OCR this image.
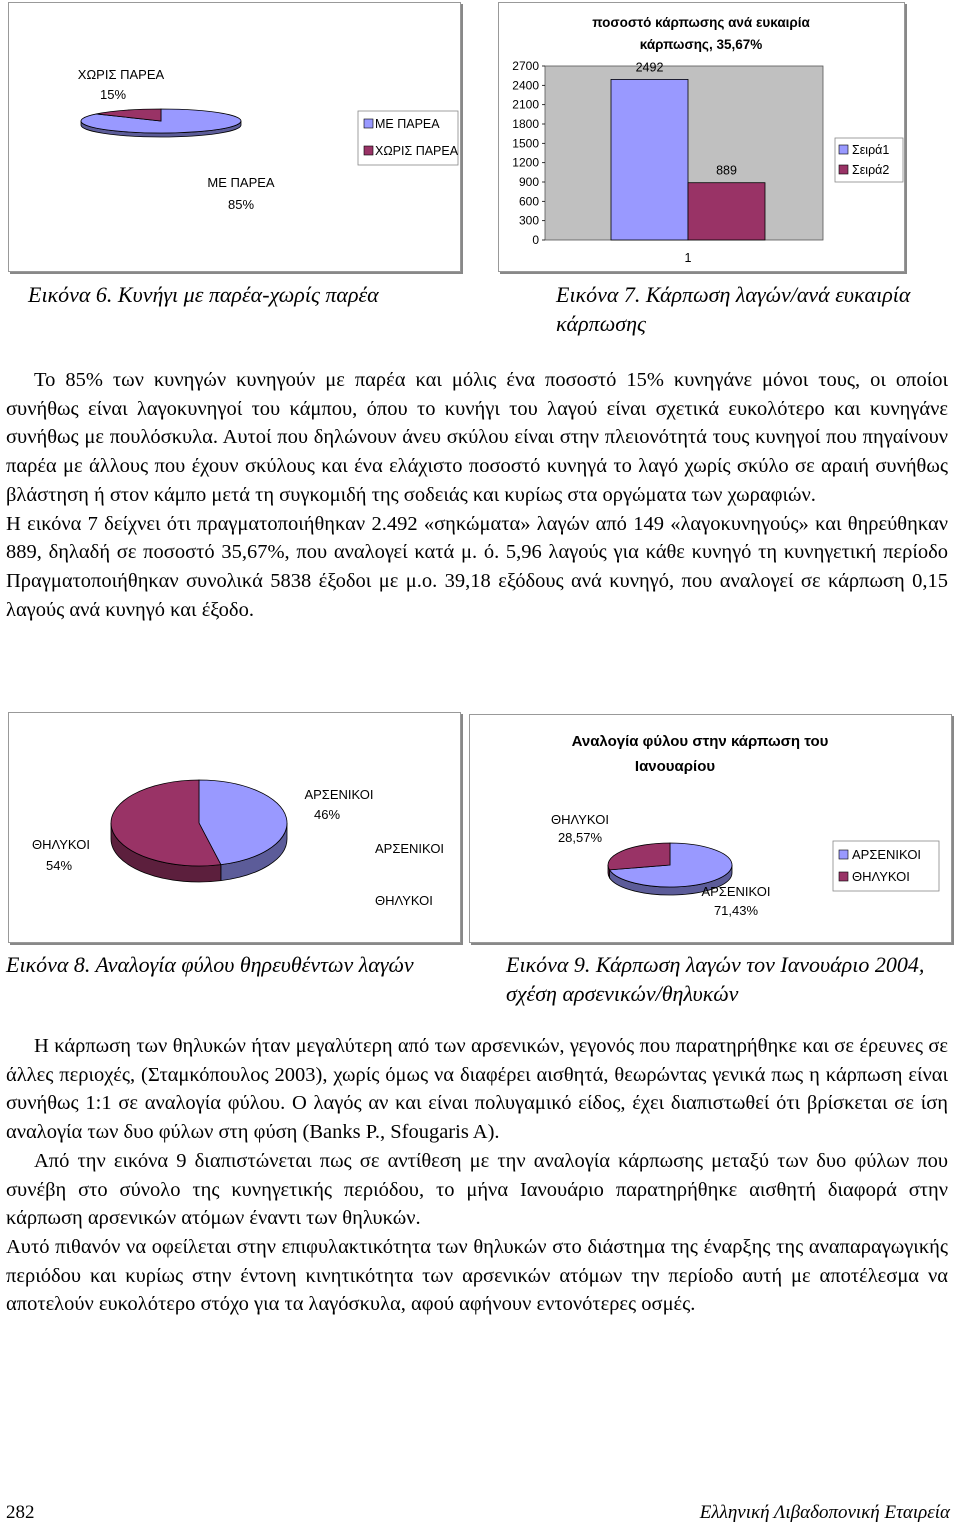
ΧΩΡΙΣ ΠΑΡΕΑ
15%
ΜΕ ΠΑΡΕΑ
85%
ΜΕ ΠΑΡΕΑ
ΧΩΡΙΣ ΠΑΡΕΑ
ποσοστό κάρπωσης ανά ευκαιρία
κάρπωσης, 35,67%
0
300
600
900
1200
1500
1800
2100
2400
2700	2492
889
1
Σειρά1
Σειρά2
Εικόνα 6. Κυνήγι με παρέα-χωρίς παρέα	Εικόνα 7. Κάρπωση λαγών/ανά ευκαιρία κάρπωσης

Το 85% των κυνηγών κυνηγούν με παρέα και μόλις ένα ποσοστό 15% κυνηγάνε μόνοι τους, οι οποίοι συνήθως είναι λαγοκυνηγοί του κάμπου, όπου το κυνήγι του λαγού είναι σχετικά ευκολότερο και κυνηγάνε συνήθως με πουλόσκυλα. Αυτοί που δηλώνουν άνευ σκύλου είναι στην πλειονότητά τους κυνηγοί που πηγαίνουν παρέα με άλλους που έχουν σκύλους και ένα ελάχιστο ποσοστό κυνηγά το λαγό χωρίς σκύλο σε αραιή συνήθως βλάστηση ή στον κάμπο μετά τη συγκομιδή της σοδειάς και κυρίως στα οργώματα των χωραφιών.

Η εικόνα 7 δείχνει ότι πραγματοποιήθηκαν 2.492 «σηκώματα» λαγών από 149 «λαγοκυνηγούς» και θηρεύθηκαν 889, δηλαδή σε ποσοστό 35,67%, που αναλογεί κατά μ. ό. 5,96 λαγούς για κάθε κυνηγό τη κυνηγετική περίοδο Πραγματοποιήθηκαν συνολικά 5838 έξοδοι με μ.ο. 39,18 εξόδους ανά κυνηγό, που αναλογεί σε κάρπωση 0,15 λαγούς ανά κυνηγό και έξοδο.

ΑΡΣΕΝΙΚΟΙ
46%
ΘΗΛΥΚΟΙ
54%
ΑΡΣΕΝΙΚΟΙ
ΘΗΛΥΚΟΙ
Αναλογία φύλου στην κάρπωση του
Ιανουαρίου
ΘΗΛΥΚΟΙ
28,57%
ΑΡΣΕΝΙΚΟΙ
71,43%
ΑΡΣΕΝΙΚΟΙ
ΘΗΛΥΚΟΙ
Εικόνα 8. Αναλογία φύλου θηρευθέντων λαγών	Εικόνα 9. Κάρπωση λαγών τον Ιανουάριο 2004, σχέση αρσενικών/θηλυκών

Η κάρπωση των θηλυκών ήταν μεγαλύτερη από των αρσενικών, γεγονός που παρατηρήθηκε και σε έρευνες σε άλλες περιοχές, (Σταμκόπουλος 2003), χωρίς όμως να διαφέρει αισθητά, θεωρώντας γενικά πως η κάρπωση είναι συνήθως 1:1 σε αναλογία φύλου. Ο λαγός αν και είναι πολυγαμικό είδος, έχει διαπιστωθεί ότι βρίσκεται σε ίση αναλογία των δυο φύλων στη φύση (Banks P., Sfougaris A).

Από την εικόνα 9 διαπιστώνεται πως σε αντίθεση με την αναλογία κάρπωσης μεταξύ των δυο φύλων που συνέβη στο σύνολο της κυνηγετικής περιόδου, το μήνα Ιανουάριο παρατηρήθηκε αισθητή διαφορά στην κάρπωση αρσενικών ατόμων έναντι των θηλυκών.

Αυτό πιθανόν να οφείλεται στην επιφυλακτικότητα των θηλυκών στο διάστημα της έναρξης της αναπαραγωγικής περιόδου και κυρίως στην έντονη κινητικότητα των αρσενικών ατόμων την περίοδο αυτή με αποτέλεσμα να αποτελούν ευκολότερο στόχο για τα λαγόσκυλα, αφού αφήνουν εντονότερες οσμές.

282	Ελληνική Λιβαδοπονική Εταιρεία
